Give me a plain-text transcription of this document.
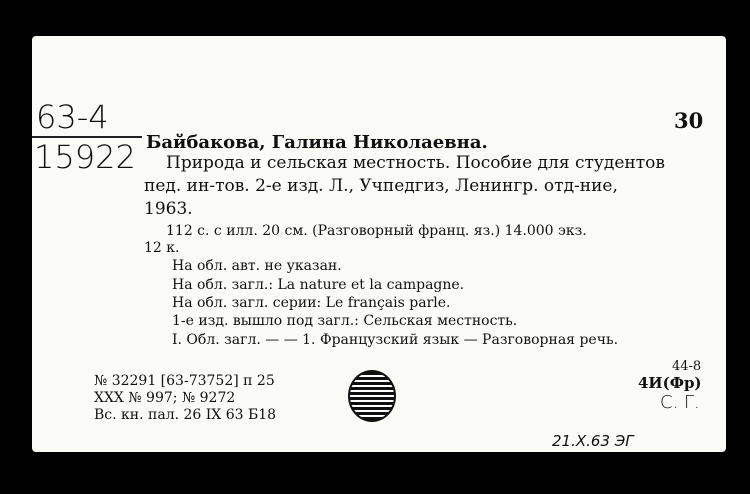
63-4
15922
30
Байбакова, Галина Николаевна.
Природа и сельская местность. Пособие для студентов
пед. ин-тов. 2-е изд. Л., Учпедгиз, Ленингр. отд-ние,
1963.
112 с. с илл. 20 см. (Разговорный франц. яз.) 14.000 экз.
12 к.
На обл. авт. не указан.
На обл. загл.: La nature et la campagne.
На обл. загл. серии: Le français parle.
1-е изд. вышло под загл.: Сельская местность.
I. Обл. загл. — — 1. Французский язык — Разговорная речь.
44-8
4И(Фр)
С. Г.
№ 32291 [63-73752] п 25
XXX № 997; № 9272
Вс. кн. пал. 26 IX 63 Б18
21.X.63 ЭГ
